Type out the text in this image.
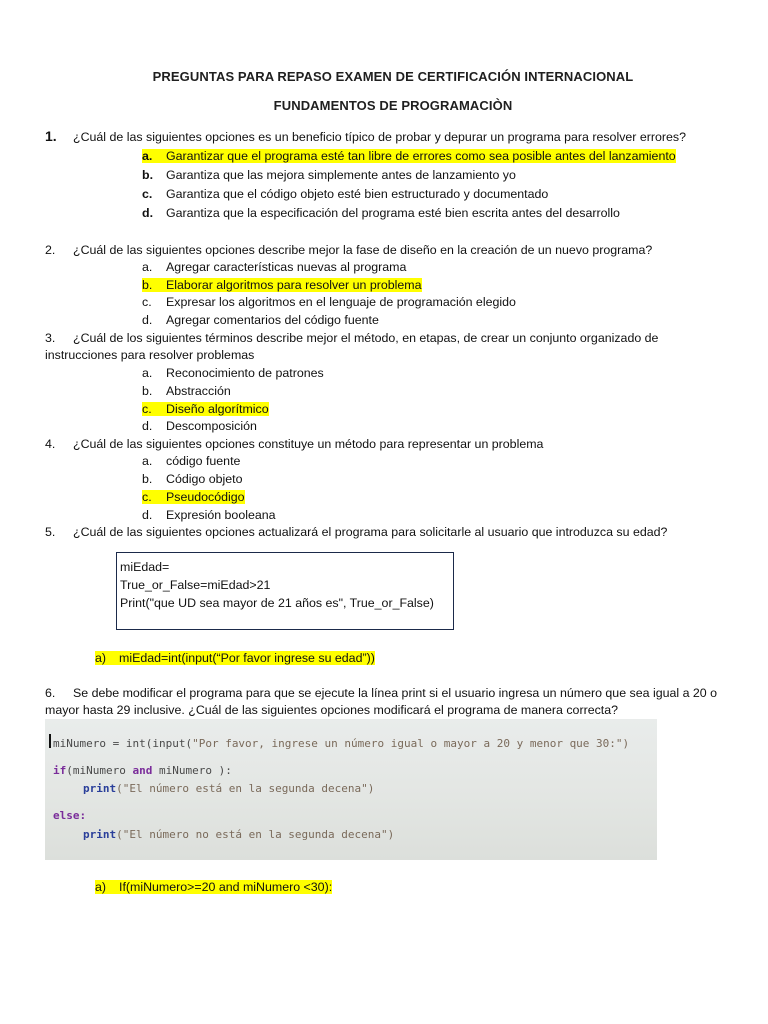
PREGUNTAS PARA REPASO EXAMEN DE CERTIFICACIÓN INTERNACIONAL
FUNDAMENTOS DE PROGRAMACIÒN
1. ¿Cuál de las siguientes opciones es un beneficio típico de probar y depurar un programa para resolver errores?
a. Garantizar que el programa esté tan libre de errores como sea posible antes del lanzamiento
b. Garantiza que las mejora simplemente antes de lanzamiento yo
c. Garantiza que el código objeto esté bien estructurado y documentado
d. Garantiza que la especificación del programa esté bien escrita antes del desarrollo
2. ¿Cuál de las siguientes opciones describe mejor la fase de diseño en la creación de un nuevo programa?
a. Agregar características nuevas al programa
b. Elaborar algoritmos para resolver un problema
c. Expresar los algoritmos en el lenguaje de programación elegido
d. Agregar comentarios del código fuente
3. ¿Cuál de los siguientes términos describe mejor el método, en etapas, de crear un conjunto organizado de
instrucciones para resolver problemas
a. Reconocimiento de patrones
b. Abstracción
c. Diseño algorítmico
d. Descomposición
4. ¿Cuál de las siguientes opciones constituye un método para representar un problema
a. código fuente
b. Código objeto
c. Pseudocódigo
d. Expresión booleana
5. ¿Cuál de las siguientes opciones actualizará el programa para solicitarle al usuario que introduzca su edad?
miEdad=
True_or_False=miEdad>21
Print("que UD sea mayor de 21 años es", True_or_False)
a) miEdad=int(input(“Por favor ingrese su edad”))
6. Se debe modificar el programa para que se ejecute la línea print si el usuario ingresa un número que sea igual a 20 o
mayor hasta 29 inclusive. ¿Cuál de las siguientes opciones modificará el programa de manera correcta?
miNumero = int(input("Por favor, ingrese un número igual o mayor a 20 y menor que 30:")
if(miNumero and miNumero ):
print("El número está en la segunda decena")
else:
print("El número no está en la segunda decena")
a) If(miNumero>=20 and miNumero <30):
